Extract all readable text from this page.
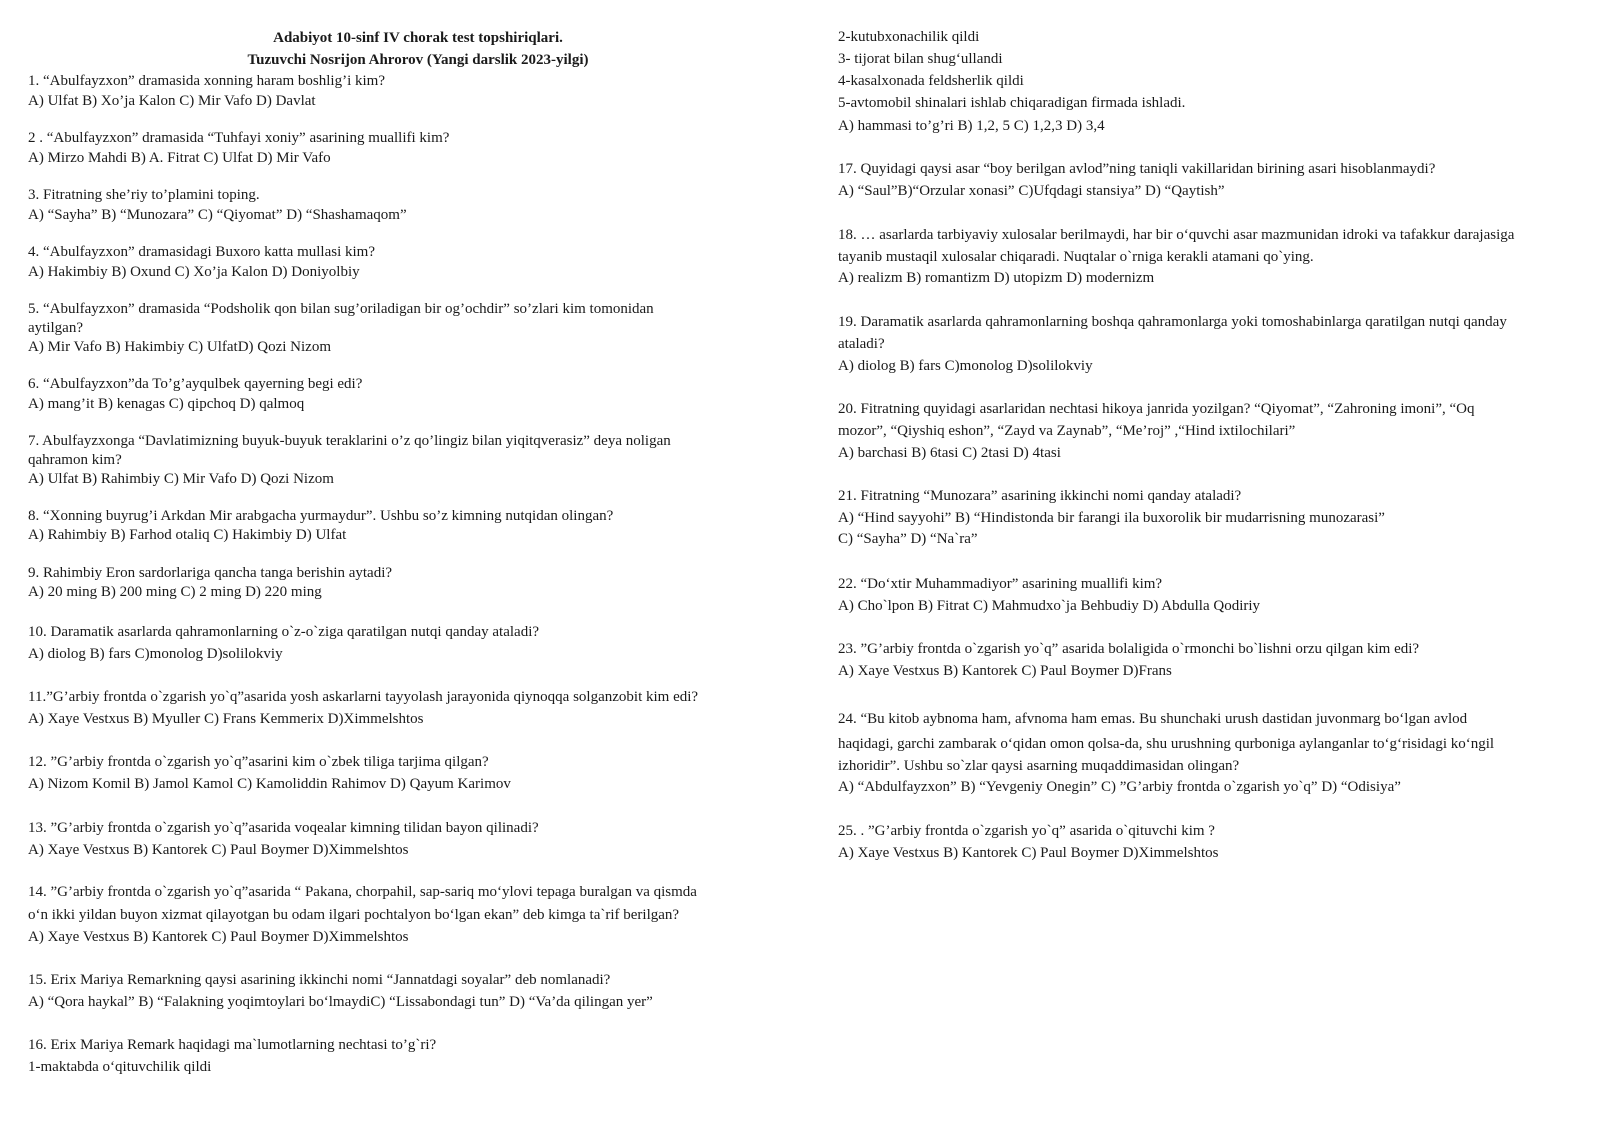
Adabiyot 10-sinf IV chorak test topshiriqlari.
Tuzuvchi Nosrijon Ahrorov (Yangi darslik 2023-yilgi)
1. “Abulfayzxon” dramasida xonning haram boshlig’i kim?
A) Ulfat B) Xo’ja Kalon C) Mir Vafo D) Davlat
2 . “Abulfayzxon” dramasida “Tuhfayi xoniy” asarining muallifi kim?
A) Mirzo Mahdi B) A. Fitrat C) Ulfat D) Mir Vafo
3. Fitratning she’riy to’plamini toping.
A) “Sayha” B) “Munozara” C) “Qiyomat” D) “Shashamaqom”
4. “Abulfayzxon” dramasidagi Buxoro katta mullasi kim?
A) Hakimbiy B) Oxund C) Xo’ja Kalon D) Doniyolbiy
5. “Abulfayzxon” dramasida “Podsholik qon bilan sug’oriladigan bir og’ochdir” so’zlari kim tomonidan
aytilgan?
A) Mir Vafo B) Hakimbiy C) UlfatD) Qozi Nizom
6. “Abulfayzxon”da To’g’ayqulbek qayerning begi edi?
A) mang’it B) kenagas C) qipchoq D) qalmoq
7. Abulfayzxonga “Davlatimizning buyuk-buyuk teraklarini o’z qo’lingiz bilan yiqitqverasiz” deya noligan
qahramon kim?
A) Ulfat B) Rahimbiy C) Mir Vafo D) Qozi Nizom
8. “Xonning buyrug’i Arkdan Mir arabgacha yurmaydur”. Ushbu so’z kimning nutqidan olingan?
A) Rahimbiy B) Farhod otaliq C) Hakimbiy D) Ulfat
9. Rahimbiy Eron sardorlariga qancha tanga berishin aytadi?
A) 20 ming B) 200 ming C) 2 ming D) 220 ming
10. Daramatik asarlarda qahramonlarning o`z-o`ziga qaratilgan nutqi qanday ataladi?
A) diolog B) fars C)monolog D)solilokviy
11.”G’arbiy frontda o`zgarish yo`q”asarida yosh askarlarni tayyolash jarayonida qiynoqqa solganzobit kim edi?
A) Xaye Vestxus B) Myuller C) Frans Kemmerix D)Ximmelshtos
12. ”G’arbiy frontda o`zgarish yo`q”asarini kim o`zbek tiliga tarjima qilgan?
A) Nizom Komil B) Jamol Kamol C) Kamoliddin Rahimov D) Qayum Karimov
13. ”G’arbiy frontda o`zgarish yo`q”asarida voqealar kimning tilidan bayon qilinadi?
A) Xaye Vestxus B) Kantorek C) Paul Boymer D)Ximmelshtos
14. ”G’arbiy frontda o`zgarish yo`q”asarida “ Pakana, chorpahil, sap-sariq mo‘ylovi tepaga buralgan va qismda
o‘n ikki yildan buyon xizmat qilayotgan bu odam ilgari pochtalyon bo‘lgan ekan” deb kimga ta`rif berilgan?
A) Xaye Vestxus B) Kantorek C) Paul Boymer D)Ximmelshtos
15. Erix Mariya Remarkning qaysi asarining ikkinchi nomi “Jannatdagi soyalar” deb nomlanadi?
A) “Qora haykal” B) “Falakning yoqimtoylari bo‘lmaydiC) “Lissabondagi tun” D) “Va’da qilingan yer”
16. Erix Mariya Remark haqidagi ma`lumotlarning nechtasi to’g`ri?
1-maktabda o‘qituvchilik qildi
2-kutubxonachilik qildi
3- tijorat bilan shug‘ullandi
4-kasalxonada feldsherlik qildi
5-avtomobil shinalari ishlab chiqaradigan firmada ishladi.
A) hammasi to’g’ri B) 1,2, 5 C) 1,2,3 D) 3,4
17. Quyidagi qaysi asar “boy berilgan avlod”ning taniqli vakillaridan birining asari hisoblanmaydi?
A) “Saul”B)“Orzular xonasi” C)Ufqdagi stansiya” D) “Qaytish”
18. … asarlarda tarbiyaviy xulosalar berilmaydi, har bir o‘quvchi asar mazmunidan idroki va tafakkur darajasiga
tayanib mustaqil xulosalar chiqaradi. Nuqtalar o`rniga kerakli atamani qo`ying.
A) realizm B) romantizm D) utopizm D) modernizm
19. Daramatik asarlarda qahramonlarning boshqa qahramonlarga yoki tomoshabinlarga qaratilgan nutqi qanday
ataladi?
A) diolog B) fars C)monolog D)solilokviy
20. Fitratning quyidagi asarlaridan nechtasi hikoya janrida yozilgan? “Qiyomat”, “Zahroning imoni”, “Oq
mozor”, “Qiyshiq eshon”, “Zayd va Zaynab”, “Me’roj” ,“Hind ixtilochilari”
A) barchasi B) 6tasi C) 2tasi D) 4tasi
21. Fitratning “Munozara” asarining ikkinchi nomi qanday ataladi?
A) “Hind sayyohi” B) “Hindistonda bir farangi ila buxorolik bir mudarrisning munozarasi”
C) “Sayha” D) “Na`ra”
22. “Do‘xtir Muhammadiyor” asarining muallifi kim?
A) Cho`lpon B) Fitrat C) Mahmudxo`ja Behbudiy D) Abdulla Qodiriy
23. ”G’arbiy frontda o`zgarish yo`q” asarida bolaligida o`rmonchi bo`lishni orzu qilgan kim edi?
A) Xaye Vestxus B) Kantorek C) Paul Boymer D)Frans
24. “Bu kitob aybnoma ham, afvnoma ham emas. Bu shunchaki urush dastidan juvonmarg bo‘lgan avlod
haqidagi, garchi zambarak o‘qidan omon qolsa-da, shu urushning qurboniga aylanganlar to‘g‘risidagi ko‘ngil
izhoridir”. Ushbu so`zlar qaysi asarning muqaddimasidan olingan?
A) “Abdulfayzxon” B) “Yevgeniy Onegin” C) ”G’arbiy frontda o`zgarish yo`q” D) “Odisiya”
25. . ”G’arbiy frontda o`zgarish yo`q” asarida o`qituvchi kim ?
A) Xaye Vestxus B) Kantorek C) Paul Boymer D)Ximmelshtos
